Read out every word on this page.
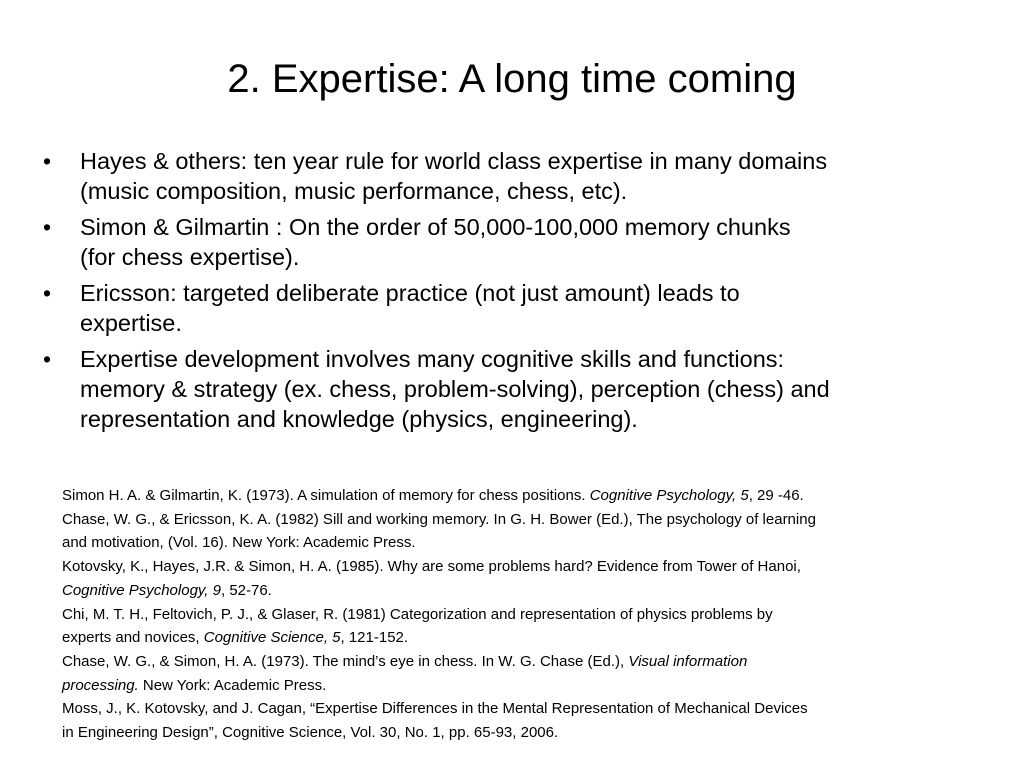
2. Expertise: A long time coming
• Hayes & others: ten year rule for world class expertise in many domains
(music composition, music performance, chess, etc).
• Simon & Gilmartin : On the order of 50,000-100,000 memory chunks
(for chess expertise).
• Ericsson: targeted deliberate practice (not just amount) leads to
expertise.
• Expertise development involves many cognitive skills and functions:
memory & strategy (ex. chess, problem-solving), perception (chess) and
representation and knowledge (physics, engineering).
Simon H. A. & Gilmartin, K. (1973). A simulation of memory for chess positions. Cognitive Psychology, 5, 29 -46.
Chase, W. G., & Ericsson, K. A. (1982) Sill and working memory. In G. H. Bower (Ed.), The psychology of learning
and motivation, (Vol. 16). New York: Academic Press.
Kotovsky, K., Hayes, J.R. & Simon, H. A. (1985). Why are some problems hard? Evidence from Tower of Hanoi,
Cognitive Psychology, 9, 52-76.
Chi, M. T. H., Feltovich, P. J., & Glaser, R. (1981) Categorization and representation of physics problems by
experts and novices, Cognitive Science, 5, 121-152.
Chase, W. G., & Simon, H. A. (1973). The mind’s eye in chess. In W. G. Chase (Ed.), Visual information
processing. New York: Academic Press.
Moss, J., K. Kotovsky, and J. Cagan, “Expertise Differences in the Mental Representation of Mechanical Devices
in Engineering Design”, Cognitive Science, Vol. 30, No. 1, pp. 65-93, 2006.
